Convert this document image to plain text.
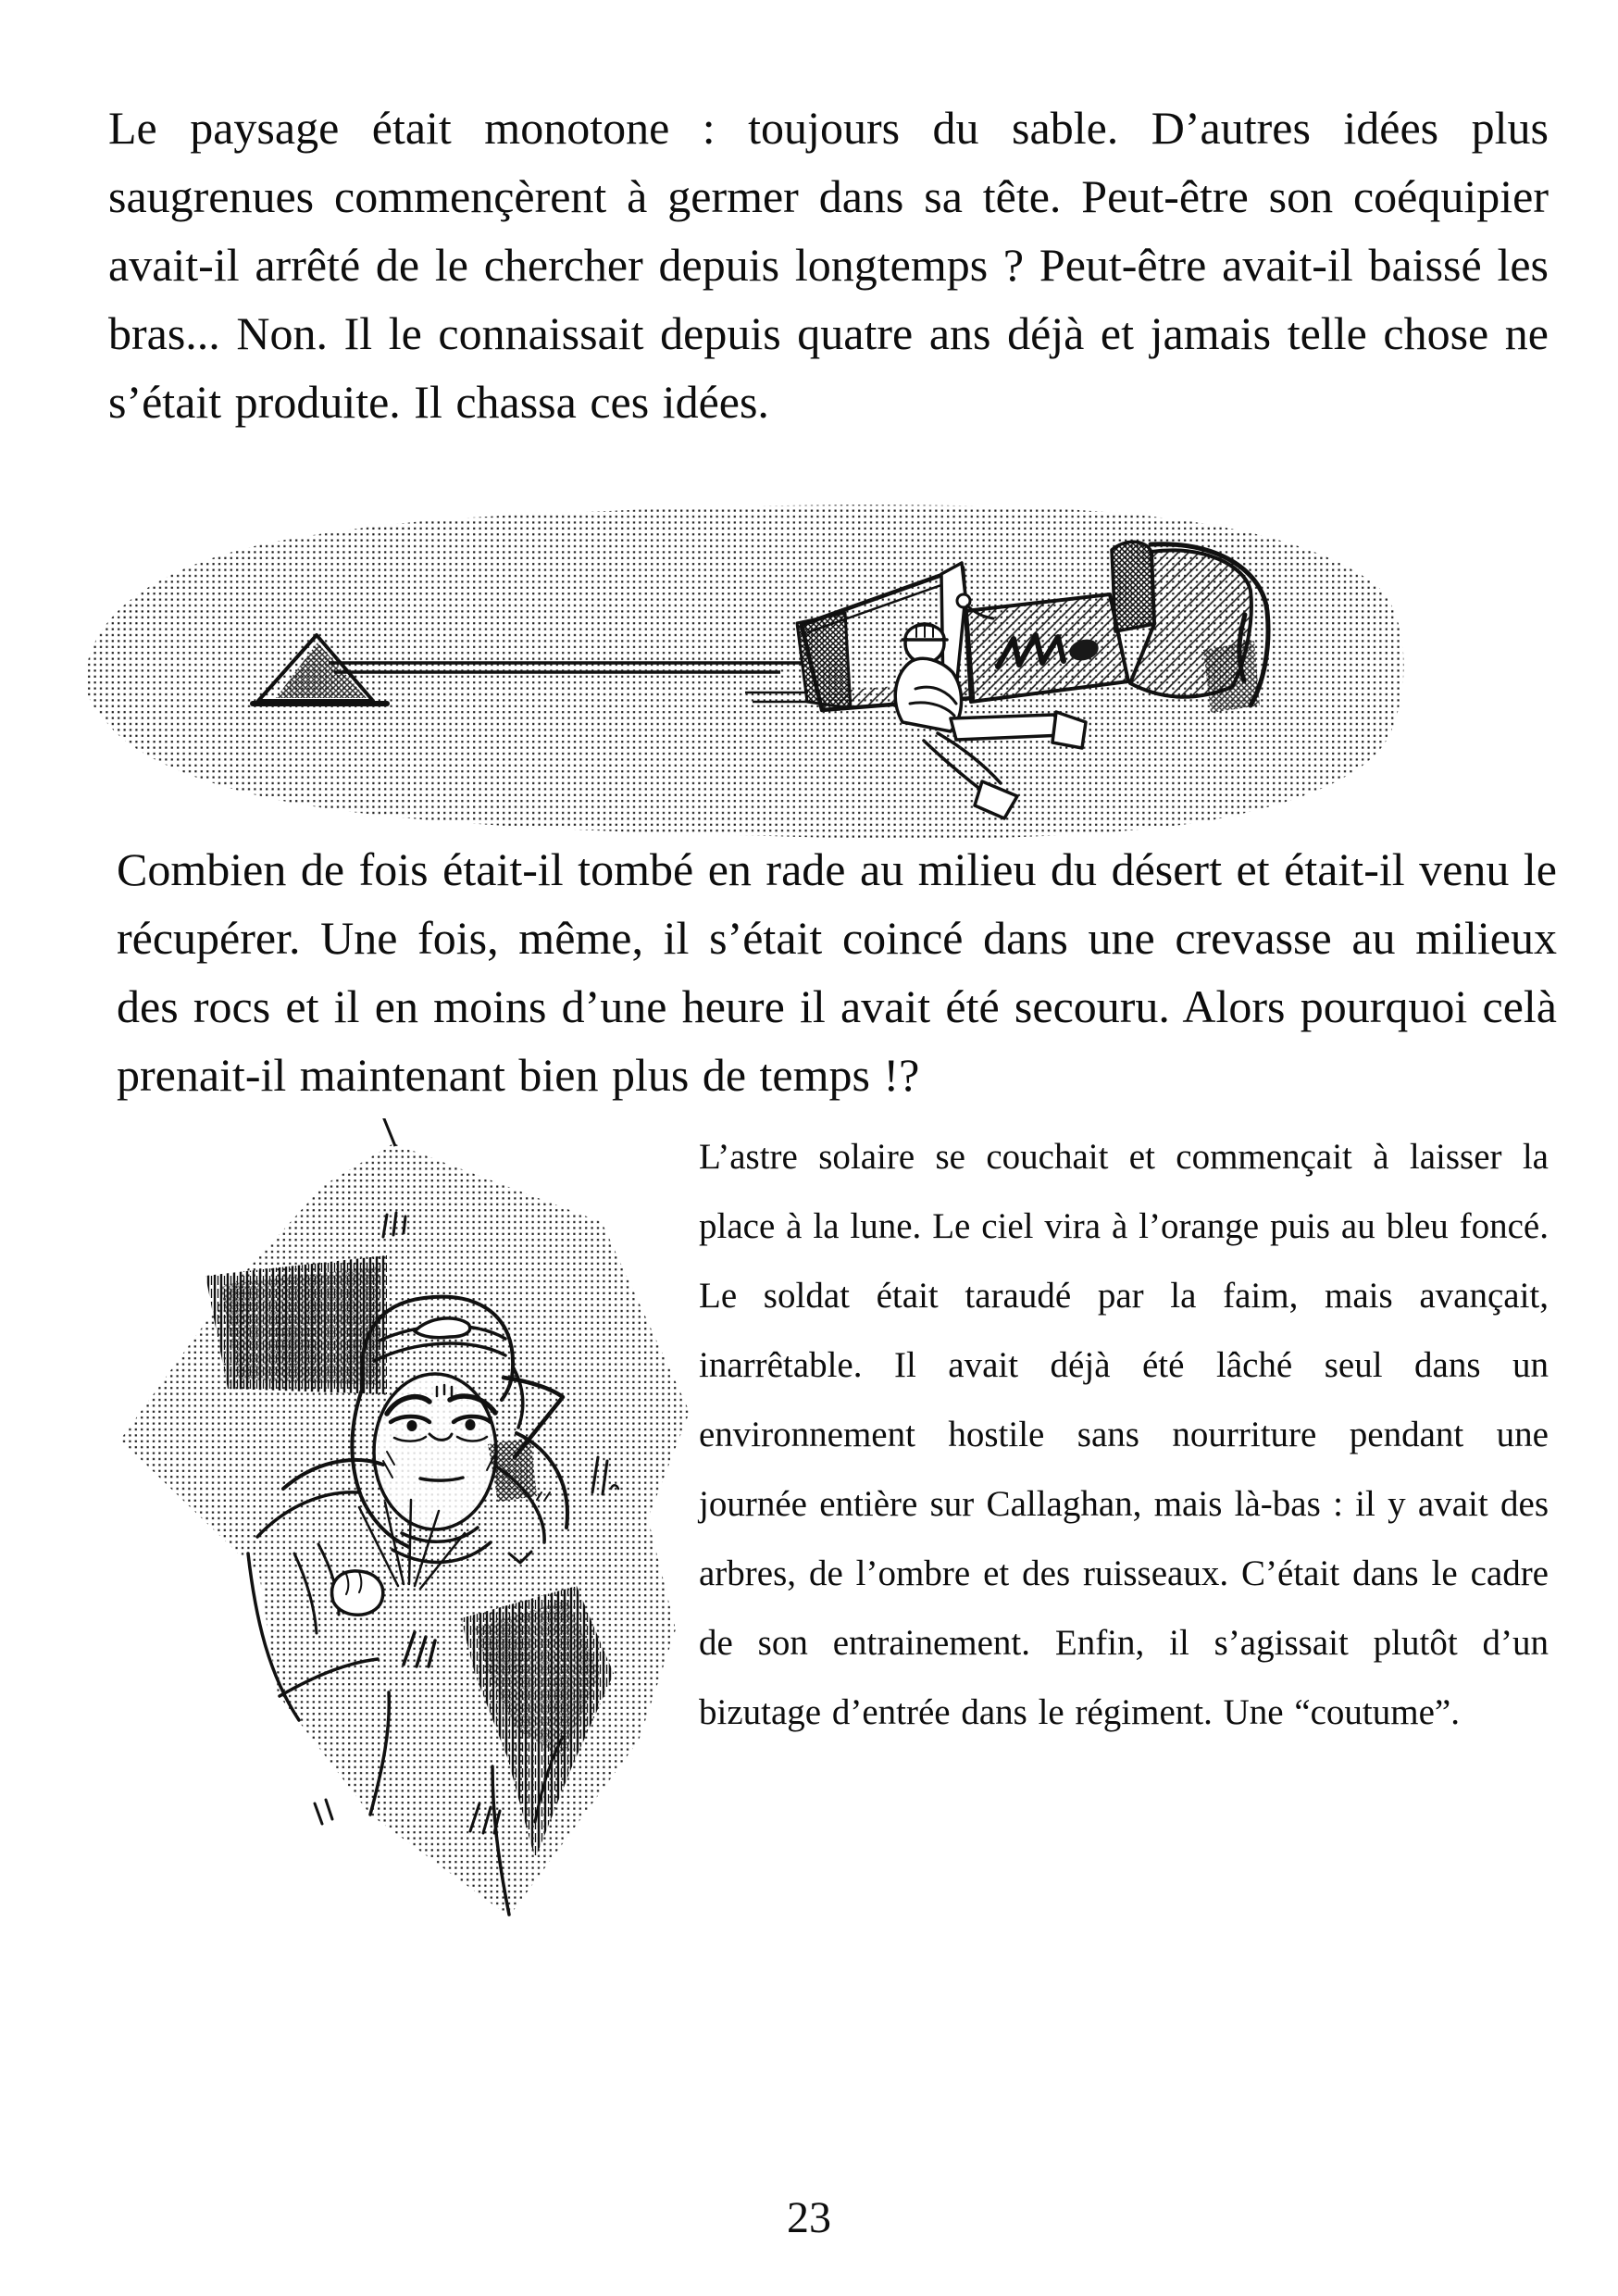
Le paysage était monotone : toujours du sable. D’autres idées plus saugrenues commençèrent à germer dans sa tête. Peut-être son coéquipier avait-il arrêté de le chercher depuis longtemps ? Peut-être avait-il baissé les bras... Non. Il le connaissait depuis quatre ans déjà et jamais telle chose ne s’était produite. Il chassa ces idées.

Combien de fois était-il tombé en rade au milieu du désert et était-il venu le récupérer. Une fois, même, il s’était coincé dans une crevasse au milieux des rocs et il en moins d’une heure il avait été secouru. Alors pourquoi celà prenait-il maintenant bien plus de temps !?

L’astre solaire se couchait et commençait à laisser la place à la lune. Le ciel vira à l’orange puis au bleu foncé. Le soldat était taraudé par la faim, mais avançait, inarrêtable. Il avait déjà été lâché seul dans un environnement hostile sans nourriture pendant une journée entière sur Callaghan, mais là-bas : il y avait des arbres, de l’ombre et des ruisseaux. C’était dans le cadre de son entrainement. Enfin, il s’agissait plutôt d’un bizutage d’entrée dans le régiment. Une “coutume”.

23
